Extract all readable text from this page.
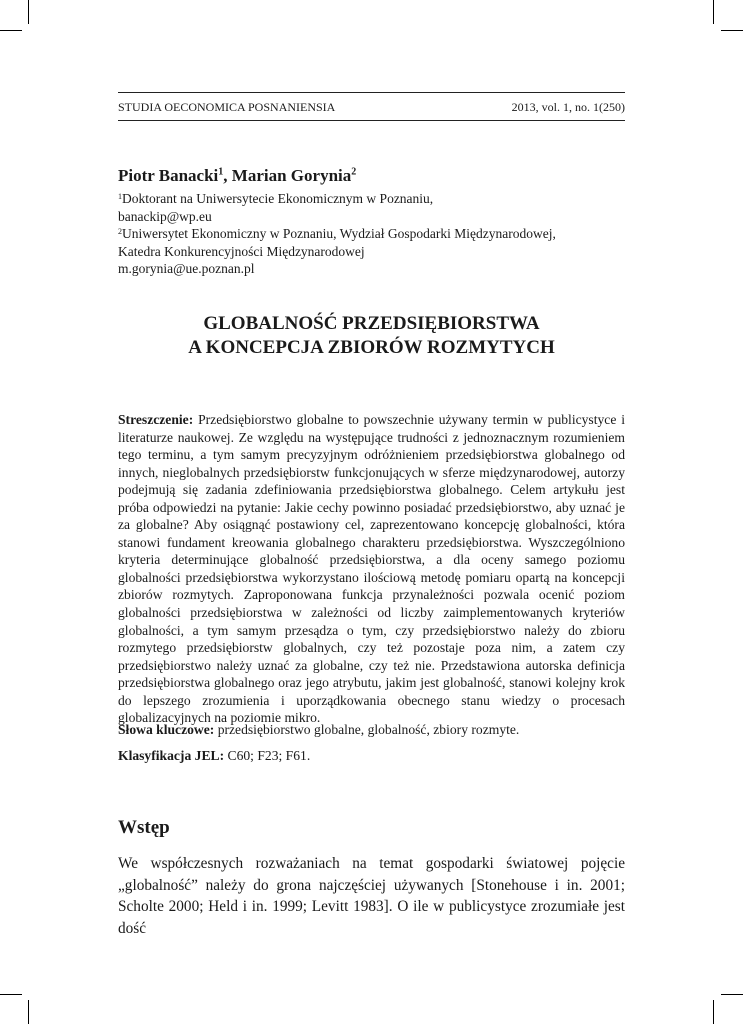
STUDIA OECONOMICA POSNANIENSIA	2013, vol. 1, no. 1(250)
Piotr Banacki$^1$, Marian Gorynia$^2$
$^1$Doktorant na Uniwersytecie Ekonomicznym w Poznaniu,
banackip@wp.eu
$^2$Uniwersytet Ekonomiczny w Poznaniu, Wydział Gospodarki Międzynarodowej,
Katedra Konkurencyjności Międzynarodowej
m.gorynia@ue.poznan.pl
GLOBALNOŚĆ PRZEDSIĘBIORSTWA
A KONCEPCJA ZBIORÓW ROZMYTYCH

Streszczenie: Przedsiębiorstwo globalne to powszechnie używany termin w publicystyce i literaturze naukowej. Ze względu na występujące trudności z jednoznacznym rozumieniem tego terminu, a tym samym precyzyjnym odróżnieniem przedsiębiorstwa globalnego od innych, nieglobalnych przedsiębiorstw funkcjonujących w sferze międzynarodowej, autorzy podejmują się zadania zdefiniowania przedsiębiorstwa globalnego. Celem artykułu jest próba odpowiedzi na pytanie: Jakie cechy powinno posiadać przedsiębiorstwo, aby uznać je za globalne? Aby osiągnąć postawiony cel, zaprezentowano koncepcję globalności, która stanowi fundament kreowania globalnego charakteru przedsiębiorstwa. Wyszczególniono kryteria determinujące globalność przedsiębiorstwa, a dla oceny samego poziomu globalności przedsiębiorstwa wykorzystano ilościową metodę pomiaru opartą na koncepcji zbiorów rozmytych. Zaproponowana funkcja przynależności pozwala ocenić poziom globalności przedsiębiorstwa w zależności od liczby zaimplementowanych kryteriów globalności, a tym samym przesądza o tym, czy przedsiębiorstwo należy do zbioru rozmytego przedsiębiorstw globalnych, czy też pozostaje poza nim, a zatem czy przedsiębiorstwo należy uznać za globalne, czy też nie. Przedstawiona autorska definicja przedsiębiorstwa globalnego oraz jego atrybutu, jakim jest globalność, stanowi kolejny krok do lepszego zrozumienia i uporządkowania obecnego stanu wiedzy o procesach globalizacyjnych na poziomie mikro.

Słowa kluczowe: przedsiębiorstwo globalne, globalność, zbiory rozmyte.
Klasyfikacja JEL: C60; F23; F61.
Wstęp

We współczesnych rozważaniach na temat gospodarki światowej pojęcie „globalność” należy do grona najczęściej używanych [Stonehouse i in. 2001; Scholte 2000; Held i in. 1999; Levitt 1983]. O ile w publicystyce zrozumiałe jest dość
